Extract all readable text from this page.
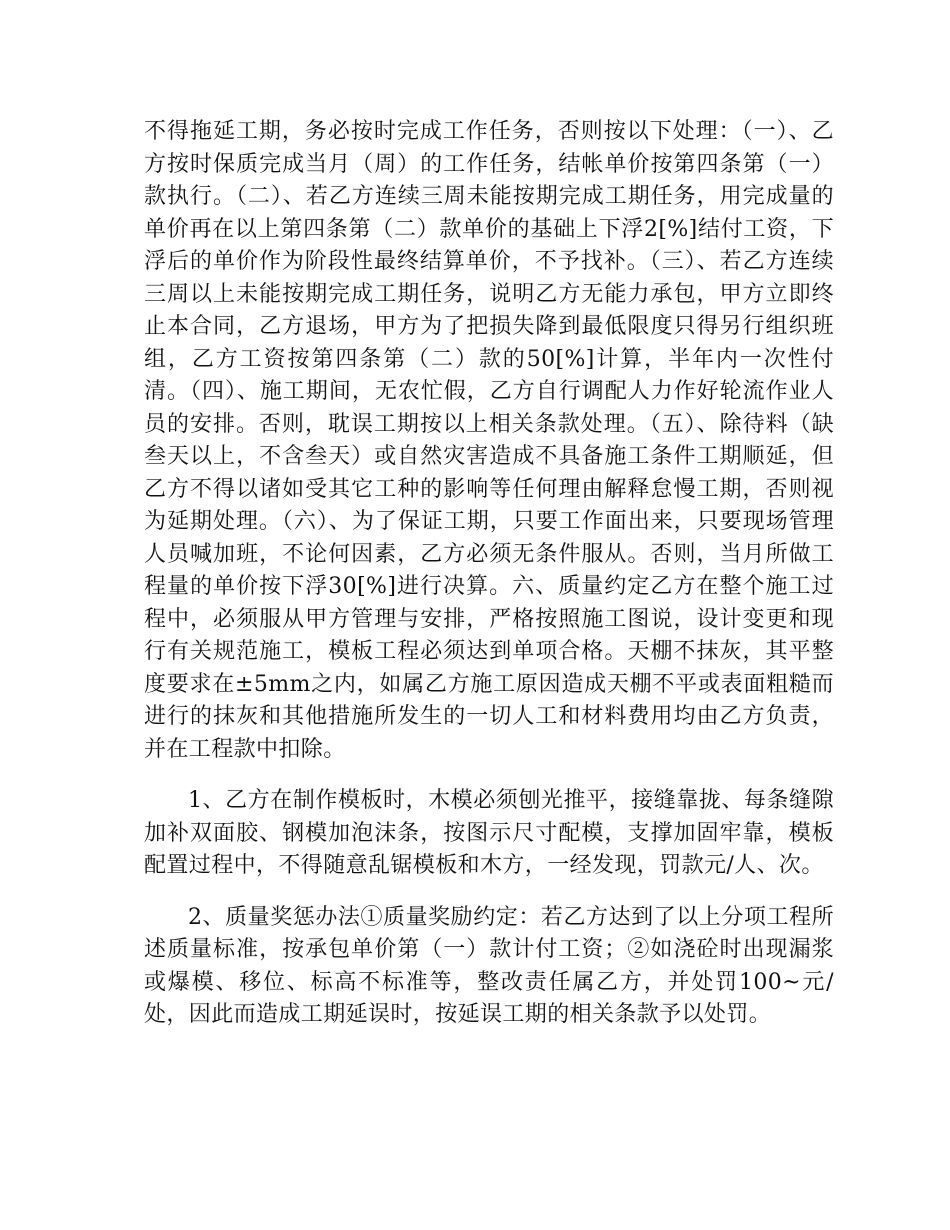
不得拖延工期，务必按时完成工作任务，否则按以下处理：（一）、乙方按时保质完成当月（周）的工作任务，结帐单价按第四条第（一）款执行。（二）、若乙方连续三周未能按期完成工期任务，用完成量的单价再在以上第四条第（二）款单价的基础上下浮2[%]结付工资，下浮后的单价作为阶段性最终结算单价，不予找补。（三）、若乙方连续三周以上未能按期完成工期任务，说明乙方无能力承包，甲方立即终止本合同，乙方退场，甲方为了把损失降到最低限度只得另行组织班组，乙方工资按第四条第（二）款的50[%]计算，半年内一次性付清。（四）、施工期间，无农忙假，乙方自行调配人力作好轮流作业人员的安排。否则，耽误工期按以上相关条款处理。（五）、除待料（缺叁天以上，不含叁天）或自然灾害造成不具备施工条件工期顺延，但乙方不得以诸如受其它工种的影响等任何理由解释怠慢工期，否则视为延期处理。（六）、为了保证工期，只要工作面出来，只要现场管理人员喊加班，不论何因素，乙方必须无条件服从。否则，当月所做工程量的单价按下浮30[%]进行决算。六、质量约定乙方在整个施工过程中，必须服从甲方管理与安排，严格按照施工图说，设计变更和现行有关规范施工，模板工程必须达到单项合格。天棚不抹灰，其平整度要求在±5mm之内，如属乙方施工原因造成天棚不平或表面粗糙而进行的抹灰和其他措施所发生的一切人工和材料费用均由乙方负责，并在工程款中扣除。

1、乙方在制作模板时，木模必须刨光推平，接缝靠拢、每条缝隙加补双面胶、钢模加泡沫条，按图示尺寸配模，支撑加固牢靠，模板配置过程中，不得随意乱锯模板和木方，一经发现，罚款元/人、次。

2、质量奖惩办法①质量奖励约定：若乙方达到了以上分项工程所述质量标准，按承包单价第（一）款计付工资；②如浇砼时出现漏浆或爆模、移位、标高不标准等，整改责任属乙方，并处罚100~元/处，因此而造成工期延误时，按延误工期的相关条款予以处罚。
